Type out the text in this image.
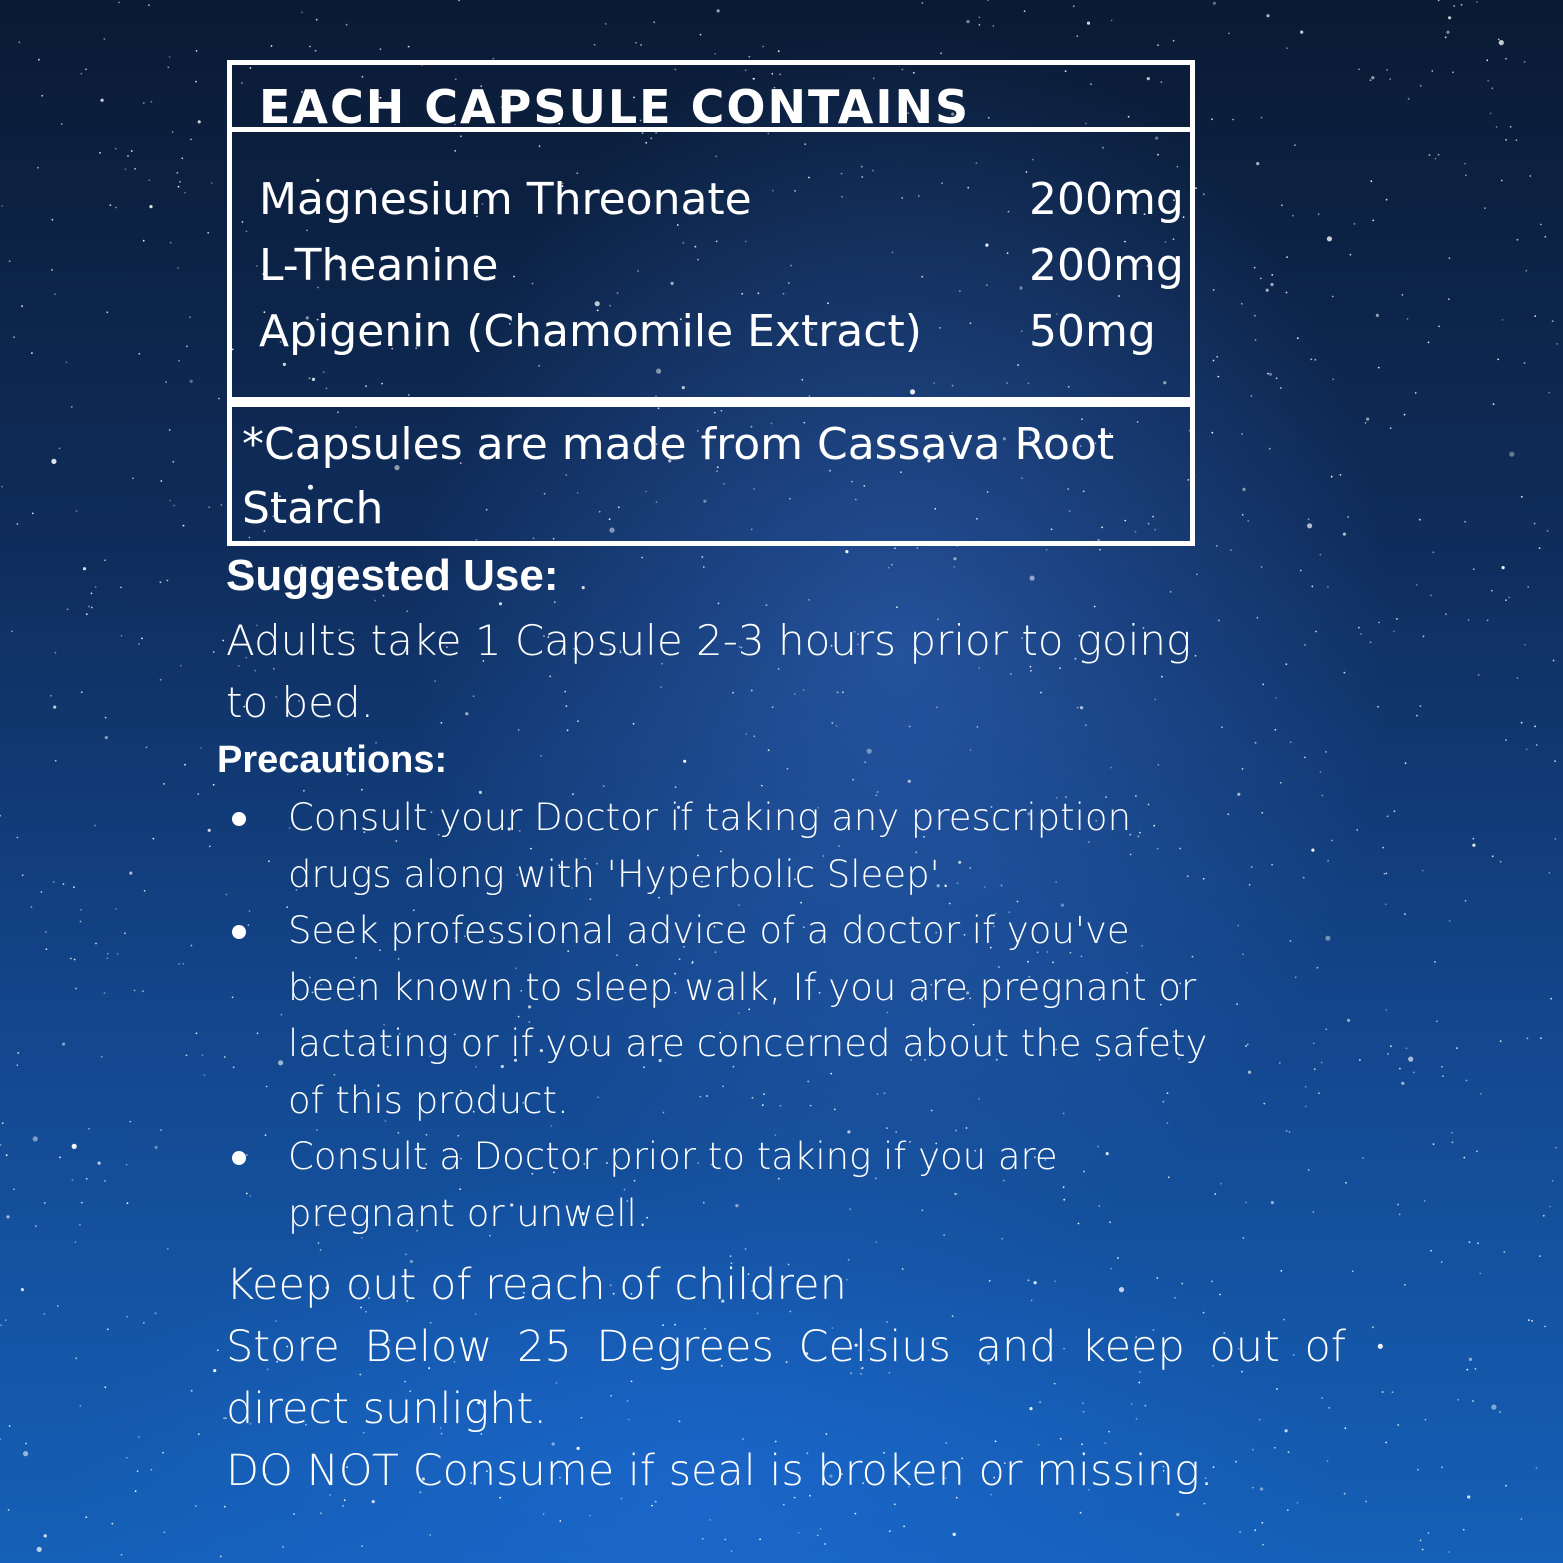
EACH CAPSULE CONTAINS
Magnesium Threonate	200mg
L-Theanine	200mg
Apigenin (Chamomile Extract) 50mg
*Capsules are made from Cassava Root Starch
Suggested Use:
Adults take 1 Capsule 2-3 hours prior to going to bed.
Precautions:
Consult your Doctor if taking any prescription drugs along with 'Hyperbolic Sleep'.
Seek professional advice of a doctor if you've been known to sleep walk, If you are pregnant or lactating or if you are concerned about the safety of this product.
Consult a Doctor prior to taking if you are pregnant or unwell.
Keep out of reach of children
Store Below 25 Degrees Celsius and keep out of direct sunlight.
DO NOT Consume if seal is broken or missing.
